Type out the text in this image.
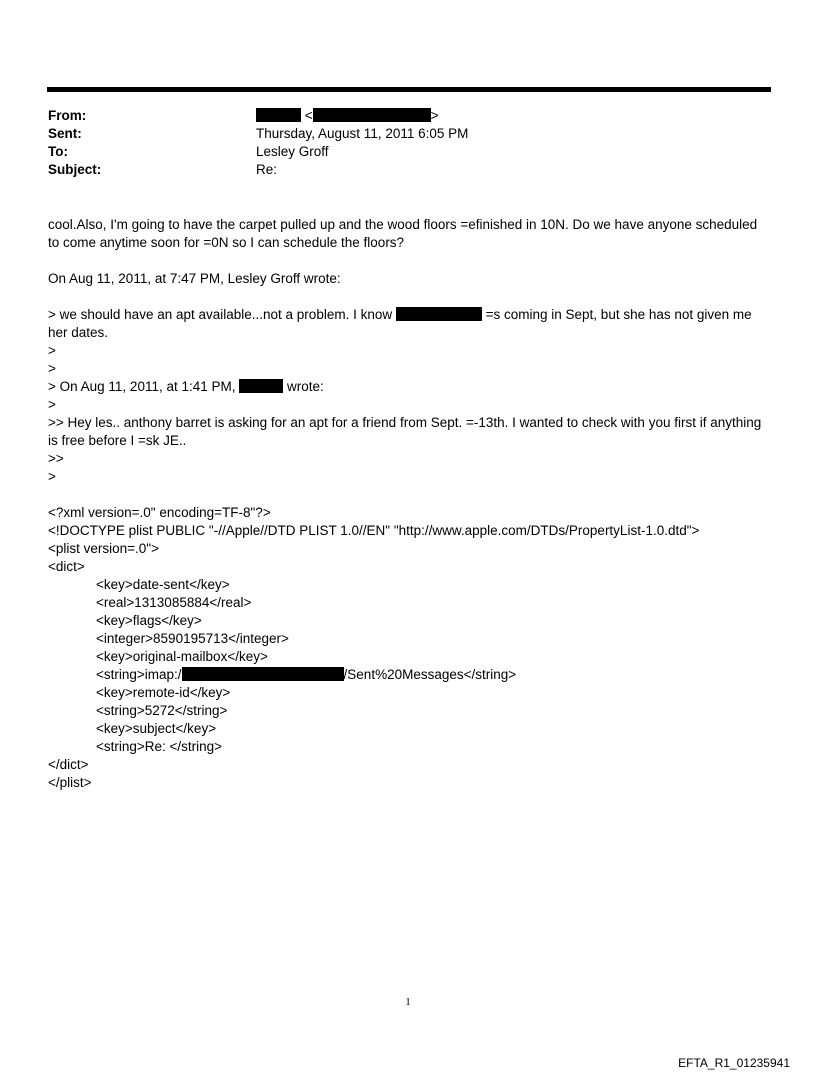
From:	<	>
Sent:	Thursday, August 11, 2011 6:05 PM
To:	Lesley Groff
Subject:	Re:
cool.Also, I'm going to have the carpet pulled up and the wood floors =efinished in 10N. Do we have anyone scheduled
to come anytime soon for =0N so I can schedule the floors?
On Aug 11, 2011, at 7:47 PM, Lesley Groff wrote:
> we should have an apt available...not a problem. I know	=s coming in Sept, but she has not given me
her dates.
>
>
> On Aug 11, 2011, at 1:41 PM,	wrote:
>
>> Hey les.. anthony barret is asking for an apt for a friend from Sept. =-13th. I wanted to check with you first if anything
is free before I =sk JE..
>>
>
<?xml version=.0" encoding=TF-8"?>
<!DOCTYPE plist PUBLIC "-//Apple//DTD PLIST 1.0//EN" "http://www.apple.com/DTDs/PropertyList-1.0.dtd">
<plist version=.0">
<dict>
<key>date-sent</key>
<real>1313085884</real>
<key>flags</key>
<integer>8590195713</integer>
<key>original-mailbox</key>
<string>imap:/	/Sent%20Messages</string>
<key>remote-id</key>
<string>5272</string>
<key>subject</key>
<string>Re: </string>
</dict>
</plist>
1
EFTA_R1_01235941
